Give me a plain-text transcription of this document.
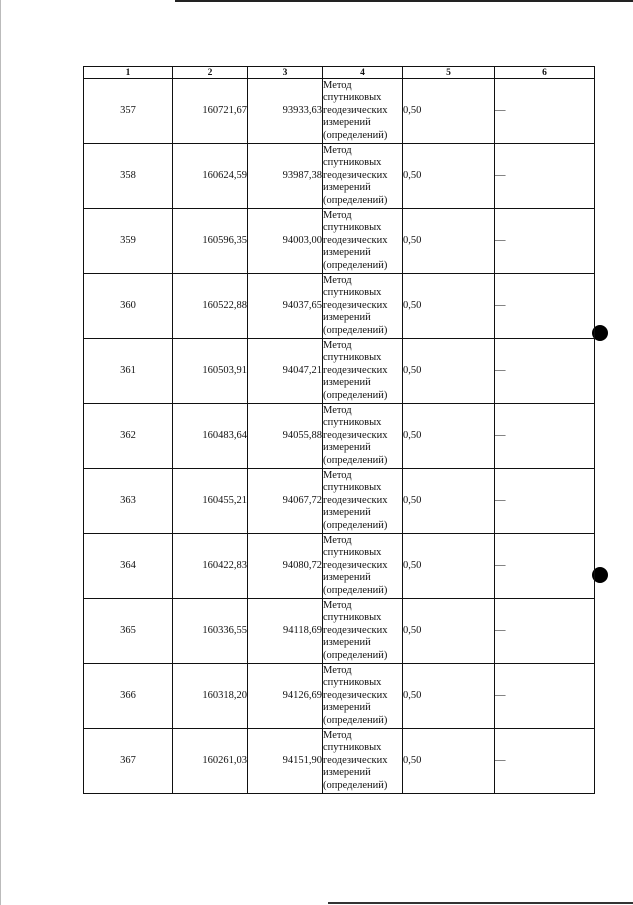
1	2	3	4	5	6
357	160721,67	93933,63	Метод
спутниковых
геодезических
измерений
(определений)	0,50	—
358	160624,59	93987,38	Метод
спутниковых
геодезических
измерений
(определений)	0,50	—
359	160596,35	94003,00	Метод
спутниковых
геодезических
измерений
(определений)	0,50	—
360	160522,88	94037,65	Метод
спутниковых
геодезических
измерений
(определений)	0,50	—
361	160503,91	94047,21	Метод
спутниковых
геодезических
измерений
(определений)	0,50	—
362	160483,64	94055,88	Метод
спутниковых
геодезических
измерений
(определений)	0,50	—
363	160455,21	94067,72	Метод
спутниковых
геодезических
измерений
(определений)	0,50	—
364	160422,83	94080,72	Метод
спутниковых
геодезических
измерений
(определений)	0,50	—
365	160336,55	94118,69	Метод
спутниковых
геодезических
измерений
(определений)	0,50	—
366	160318,20	94126,69	Метод
спутниковых
геодезических
измерений
(определений)	0,50	—
367	160261,03	94151,90	Метод
спутниковых
геодезических
измерений
(определений)	0,50	—
